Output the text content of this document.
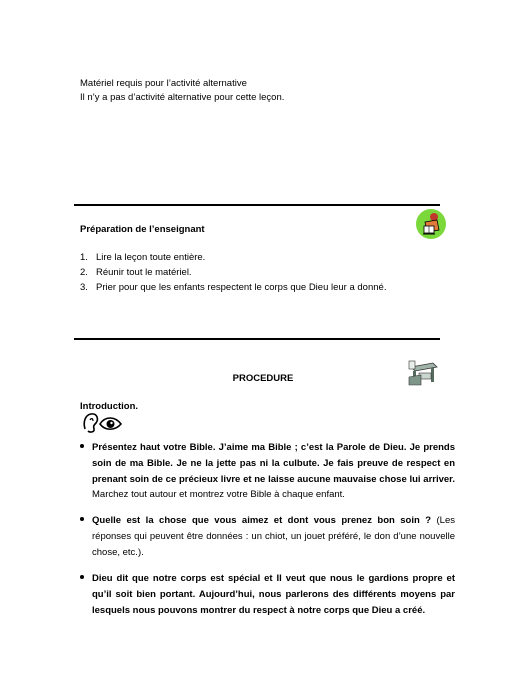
Matériel requis pour l’activité alternative
Il n’y a pas d’activité alternative pour cette leçon.
Préparation de l’enseignant
1. Lire la leçon toute entière.
2. Réunir tout le matériel.
3. Prier pour que les enfants respectent le corps que Dieu leur a donné.
PROCEDURE
Introduction.
Présentez haut votre Bible. J’aime ma Bible ; c’est la Parole de Dieu. Je prends soin de ma Bible. Je ne la jette pas ni la culbute. Je fais preuve de respect en prenant soin de ce précieux livre et ne laisse aucune mauvaise chose lui arriver. Marchez tout autour et montrez votre Bible à chaque enfant.
Quelle est la chose que vous aimez et dont vous prenez bon soin ? (Les réponses qui peuvent être données : un chiot, un jouet préféré, le don d’une nouvelle chose, etc.).
Dieu dit que notre corps est spécial et Il veut que nous le gardions propre et qu’il soit bien portant. Aujourd’hui, nous parlerons des différents moyens par lesquels nous pouvons montrer du respect à notre corps que Dieu a créé.
